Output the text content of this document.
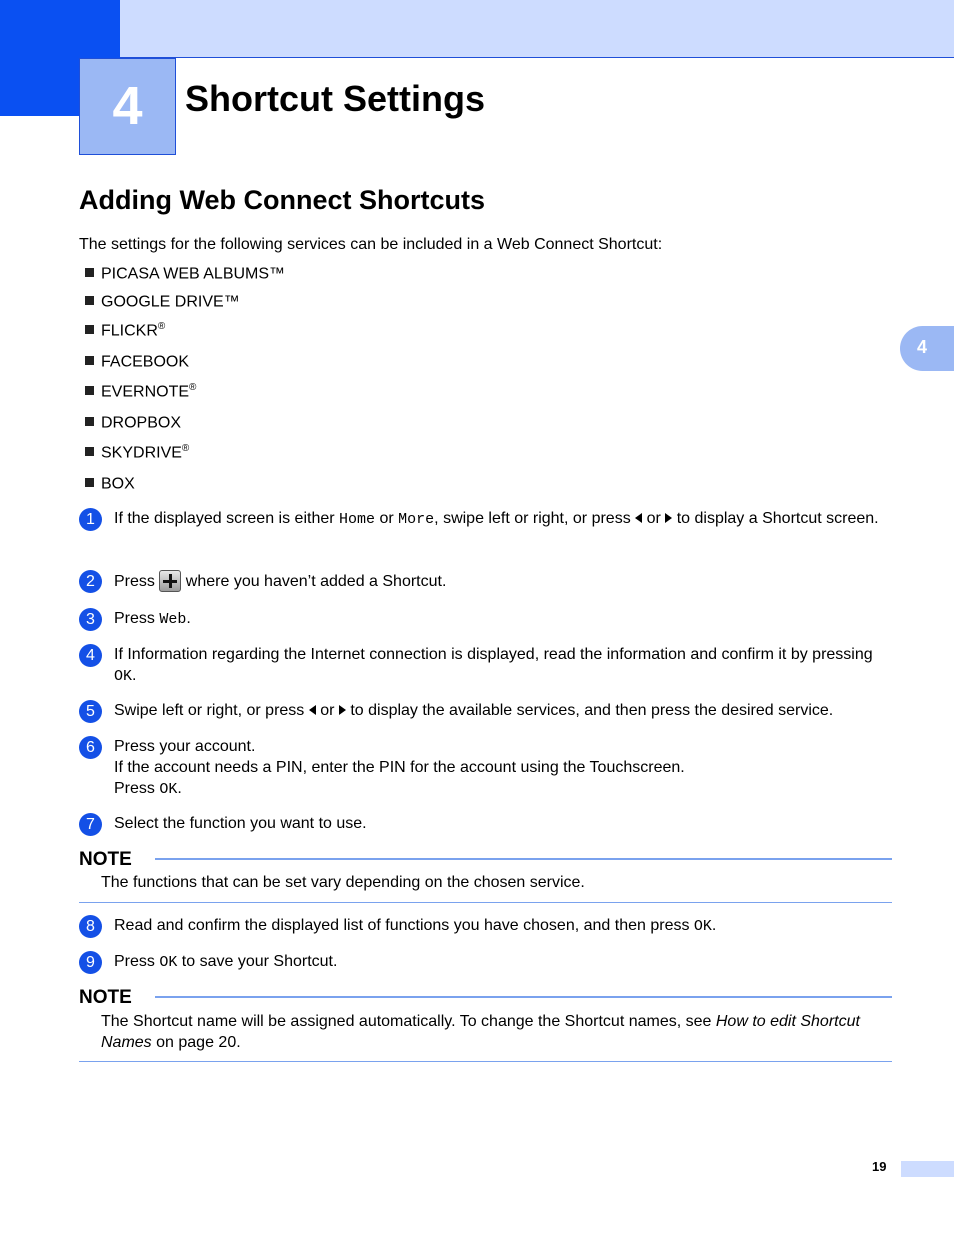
4	Shortcut Settings
Adding Web Connect Shortcuts
The settings for the following services can be included in a Web Connect Shortcut:
PICASA WEB ALBUMS™
GOOGLE DRIVE™
FLICKR®
FACEBOOK
EVERNOTE®
DROPBOX
SKYDRIVE®
BOX
1	If the displayed screen is either Home or More, swipe left or right, or press  or  to display a Shortcut screen.
2	Press  where you haven’t added a Shortcut.
3	Press Web.
4	If Information regarding the Internet connection is displayed, read the information and confirm it by pressing OK.
5	Swipe left or right, or press  or  to display the available services, and then press the desired service.
6	Press your account.
If the account needs a PIN, enter the PIN for the account using the Touchscreen.
Press OK.
7	Select the function you want to use.
NOTE
The functions that can be set vary depending on the chosen service.
8	Read and confirm the displayed list of functions you have chosen, and then press OK.
9	Press OK to save your Shortcut.
NOTE
The Shortcut name will be assigned automatically. To change the Shortcut names, see How to edit Shortcut Names on page 20.
4
19
